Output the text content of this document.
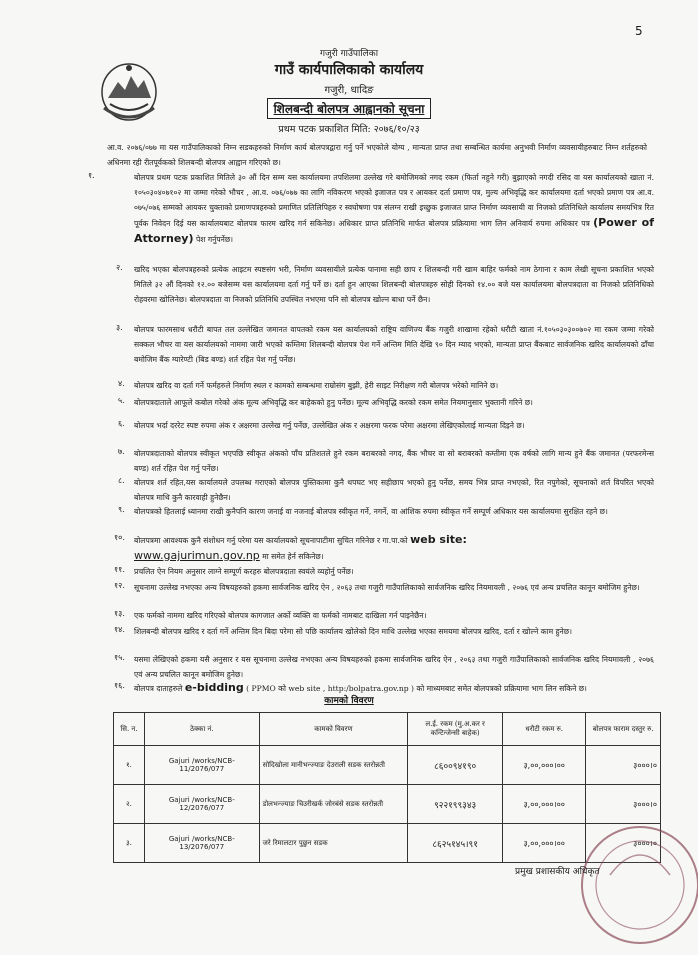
5
गजुरी गाउँपालिका
गाउँ कार्यपालिकाको कार्यालय
गजुरी, धादिङ
शिलबन्दी बोलपत्र आह्वानको सूचना
प्रथम पटक प्रकाशित मिति: २०७६/१०/२३
आ.व. २०७६/०७७ मा यस गाउँपालिकाको निम्न सडकहरुको निर्माण कार्य बोलपत्रद्वारा गर्नु पर्ने भएकोले योग्य , मान्यता प्राप्त तथा सम्बन्धित कार्यमा अनुभवी निर्माण व्यवसायीहरुबाट निम्न शर्तहरुको अधिनमा रही रीतपूर्वकको शिलबन्दी बोलपत्र आह्वान गरिएको छ।
१.	बोलपत्र प्रथम पटक प्रकाशित मितिले ३० औं दिन सम्म यस कार्यालयमा तपशिलमा उल्लेख गरे बमोजिमको नगद रकम (फिर्ता नहुने गरी) बुझाएको नगदी रसिद वा यस कार्यालयको खाता नं. १०५०३०४०७१०२ मा जम्मा गरेको भौचर , आ.व. ०७६/०७७ का लागि नविकरण भएको इजाजत पत्र र आयकर दर्ता प्रमाण पत्र, मुल्य अभिवृद्धि कर कार्यालयमा दर्ता भएको प्रमाण पत्र आ.व. ०७५/०७६ सम्मको आयकर चुक्ताको प्रमाणपत्रहरुको प्रमाणित प्रतिलिपिहरु र स्वघोषणा पत्र संलग्न राखी इच्छुक इजाजत प्राप्त निर्माण व्यवसायी वा निजको प्रतिनिधिले कार्यालय समयभित्र रित पूर्वक निवेदन दिई यस कार्यालयबाट बोलपत्र फारम खरिद गर्न सकिनेछ। अधिकार प्राप्त प्रतिनिधि मार्फत बोलपत्र प्रक्रियामा भाग लिन अनिवार्य रुपमा अधिकार पत्र (Power of Attorney) पेश गर्नुपर्नेछ।
२. खरिद भएका बोलपत्रहरुको प्रत्येक आइटम स्पष्टसंग भरी, निर्माण व्यवसायीले प्रत्येक पानामा सही छाप र शिलबन्दी गरी खाम बाहिर फर्मको नाम ठेगाना र काम लेखी सूचना प्रकाशित भएको मितिले ३२ औं दिनको १२.०० बजेसम्म यस कार्यालयमा दर्ता गर्नु पर्ने छ। दर्ता हुन आएका शिलबन्दी बोलपत्रहरु सोही दिनको १४.०० बजे यस कार्यालयमा बोलपत्रदाता वा निजको प्रतिनिधिको रोहवरमा खोलिनेछ। बोलपत्रदाता वा निजको प्रतिनिधि उपस्थित नभएमा पनि सो बोलपत्र खोल्न बाधा पर्ने छैन।
३. बोलपत्र फारमसाथ धरौटी बापत तल उल्लेखित जमानत वापतको रकम यस कार्यालयको राष्ट्रिय वाणिज्य बैंक गजुरी शाखामा रहेको धरौटी खाता नं.१०५०३०३००७०२ मा रकम जम्मा गरेको सक्कल भौचर वा यस कार्यालयको नाममा जारी भएको कम्तिमा शिलबन्दी बोलपत्र पेश गर्ने अन्तिम मिति देखि ९० दिन म्याद भएको, मान्यता प्राप्त बैंकबाट सार्वजनिक खरिद कार्यालयको ढाँचा बमोजिम बैंक ग्यारेण्टी (बिड बण्ड) शर्त रहित पेश गर्नु पर्नेछ।
४. बोलपत्र खरिद वा दर्ता गर्ने फर्महरुले निर्माण स्थल र कामको सम्बन्धमा राम्रोसंग बुझी, हेरी साइट निरीक्षण गरी बोलपत्र भरेको मानिने छ।
५. बोलपत्रदाताले आफूले कबोल गरेको अंक मूल्य अभिवृद्धि कर बाहेकको हुनु पर्नेछ। मूल्य अभिवृद्धि करको रकम समेत नियमानुसार भुक्तानी गरिने छ।
६. बोलपत्र भर्दा दररेट स्पष्ट रुपमा अंक र अक्षरमा उल्लेख गर्नु पर्नेछ, उल्लेखित अंक र अक्षरमा फरक परेमा अक्षरमा लेखिएकोलाई मान्यता दिइने छ।
७. बोलपत्रदाताको बोलपत्र स्वीकृत भएपछि स्वीकृत अंकको पाँच प्रतिशतले हुने रकम बराबरको नगद, बैंक भौचर वा सो बराबरको कम्तीमा एक वर्षको लागि मान्य हुने बैंक जमानत (परफरमेन्स बण्ड) शर्त रहित पेश गर्नु पर्नेछ।
८. बोलपत्र शर्त रहित,यस कार्यालयले उपलब्ध गराएको बोलपत्र पुस्तिकामा कुनै थपघट भए सहीछाप भएको हुनु पर्नेछ, समय भित्र प्राप्त नभएको, रित नपुगेको, सूचनाको शर्त विपरित भएको बोलपत्र माथि कुनै कारवाही हुनेछैन।
९. बोलपत्रको हितलाई ध्यानमा राखी कुनैपनि कारण जनाई वा नजनाई बोलपत्र स्वीकृत गर्ने, नगर्ने, वा आंशिक रुपमा स्वीकृत गर्ने सम्पूर्ण अधिकार यस कार्यालयमा सुरक्षित रहने छ।
१०. बोलपत्रमा आवश्यक कुनै संशोधन गर्नु परेमा यस कार्यालयको सूचनापाटीमा सुचित गरिनेछ र गा.पा.को web site:
www.gajurimun.gov.np मा समेत हेर्न सकिनेछ।
११. प्रचलित ऐन नियम अनुसार लाग्ने सम्पूर्ण करहरु बोलपत्रदाता स्वयंले व्यहोर्नु पर्नेछ।
१२. सूचनामा उल्लेख नभएका अन्य विषयहरुको हकमा सार्वजनिक खरिद ऐन , २०६३ तथा गजुरी गाउँपालिकाको सार्वजनिक खरिद नियमावली , २०७६ एवं अन्य प्रचलित कानून बमोजिम हुनेछ।
१३. एक फर्मको नाममा खरिद गरिएको बोलपत्र कागजात अर्को व्यक्ति वा फर्मको नामबाट दाखिला गर्न पाइनेछैन।
१४. शिलबन्दी बोलपत्र खरिद र दर्ता गर्ने अन्तिम दिन बिदा परेमा सो पछि कार्यालय खोलेको दिन माथि उल्लेख भएका समयमा बोलपत्र खरिद, दर्ता र खोल्ने काम हुनेछ।
१५. यसमा लेखिएको हकमा यसै अनुसार र यस सूचनामा उल्लेख नभएका अन्य विषयहरुको हकमा सार्वजनिक खरिद ऐन , २०६३ तथा गजुरी गाउँपालिकाको सार्वजनिक खरिद नियमावली , २०७६ एवं अन्य प्रचलित कानून बमोजिम हुनेछ।
१६. बोलपत्र दाताहरुले e-bidding ( PPMO को web site , http:/bolpatra.gov.np ) को माध्यमबाट समेत बोलपत्रको प्रक्रियामा भाग लिन सकिने छ।
कामको विवरण
सि. न.	ठेक्का नं.	कामको विवरण	ल.ई. रकम (मु.अ.कर र कन्टिन्जेन्सी बाहेक)	धरौटी रकम रु.	बोलपत्र फाराम दस्तुर रु.
१.	Gajuri /works/NCB-11/2076/077	सोदिखोला मानीभन्ज्याङ देउराली सडक स्तरोन्नती	८६००९४१९०	३,००,०००।००	३०००।०
२.	Gajuri /works/NCB-12/2076/077	डोलभन्ज्याङ चिउरीखर्क जोरबंसे सडक स्तरोन्नती	९२२१९९३४३	३,००,०००।००	३०००।०
३.	Gajuri /works/NCB-13/2076/077	जरे रिमालटार पुछुन सडक	८६२५१४५।९१	३,००,०००।००	३०००।०
प्रमुख प्रशासकीय अधिकृत
